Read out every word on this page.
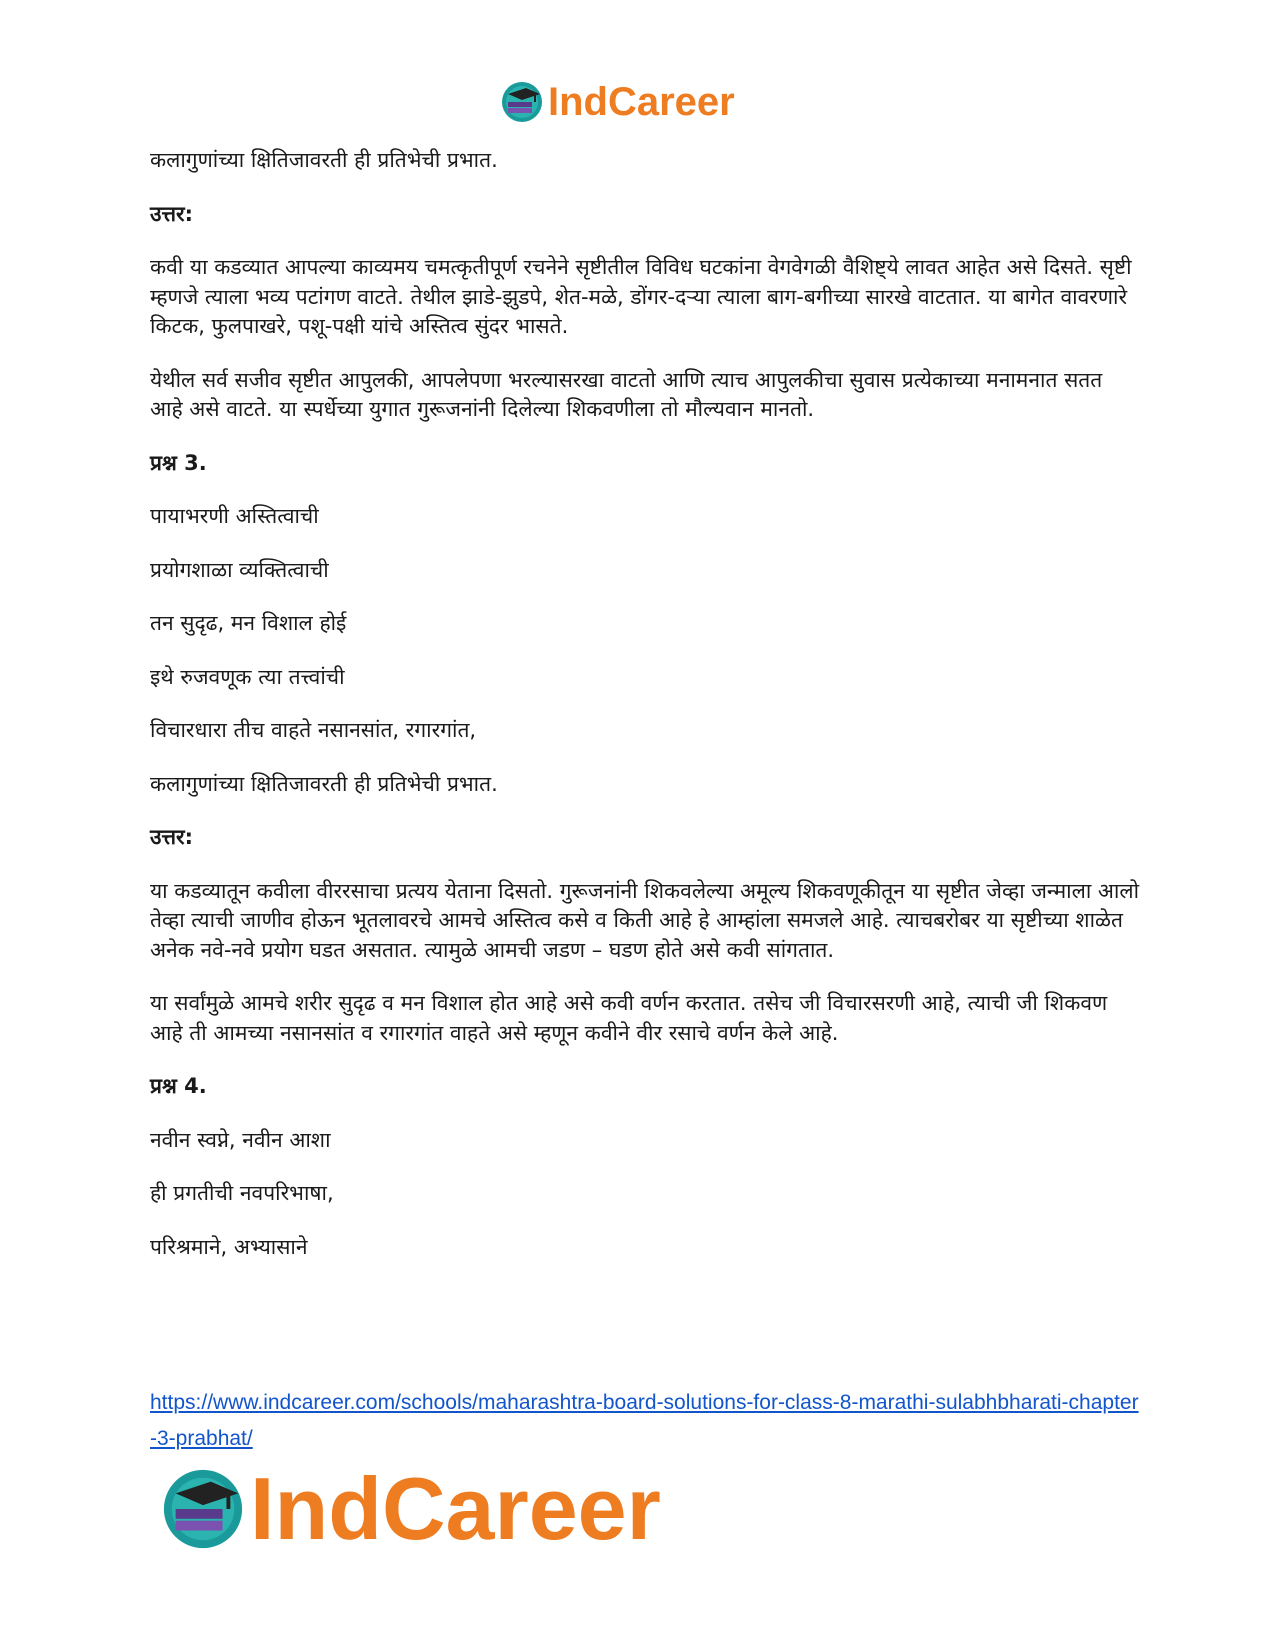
IndCareer

कलागुणांच्या क्षितिजावरती ही प्रतिभेची प्रभात.

उत्तर:

कवी या कडव्यात आपल्या काव्यमय चमत्कृतीपूर्ण रचनेने सृष्टीतील विविध घटकांना वेगवेगळी वैशिष्ट्ये लावत आहेत असे दिसते. सृष्टी म्हणजे त्याला भव्य पटांगण वाटते. तेथील झाडे-झुडपे, शेत-मळे, डोंगर-दऱ्या त्याला बाग-बगीच्या सारखे वाटतात. या बागेत वावरणारे किटक, फुलपाखरे, पशू-पक्षी यांचे अस्तित्व सुंदर भासते.

येथील सर्व सजीव सृष्टीत आपुलकी, आपलेपणा भरल्यासरखा वाटतो आणि त्याच आपुलकीचा सुवास प्रत्येकाच्या मनामनात सतत आहे असे वाटते. या स्पर्धेच्या युगात गुरूजनांनी दिलेल्या शिकवणीला तो मौल्यवान मानतो.

प्रश्न 3.

पायाभरणी अस्तित्वाची

प्रयोगशाळा व्यक्तित्वाची

तन सुदृढ, मन विशाल होई

इथे रुजवणूक त्या तत्त्वांची

विचारधारा तीच वाहते नसानसांत, रगारगांत,

कलागुणांच्या क्षितिजावरती ही प्रतिभेची प्रभात.

उत्तर:

या कडव्यातून कवीला वीररसाचा प्रत्यय येताना दिसतो. गुरूजनांनी शिकवलेल्या अमूल्य शिकवणूकीतून या सृष्टीत जेव्हा जन्माला आलो तेव्हा त्याची जाणीव होऊन भूतलावरचे आमचे अस्तित्व कसे व किती आहे हे आम्हांला समजले आहे. त्याचबरोबर या सृष्टीच्या शाळेत अनेक नवे-नवे प्रयोग घडत असतात. त्यामुळे आमची जडण – घडण होते असे कवी सांगतात.

या सर्वांमुळे आमचे शरीर सुदृढ व मन विशाल होत आहे असे कवी वर्णन करतात. तसेच जी विचारसरणी आहे, त्याची जी शिकवण आहे ती आमच्या नसानसांत व रगारगांत वाहते असे म्हणून कवीने वीर रसाचे वर्णन केले आहे.

प्रश्न 4.

नवीन स्वप्ने, नवीन आशा

ही प्रगतीची नवपरिभाषा,

परिश्रमाने, अभ्यासाने

https://www.indcareer.com/schools/maharashtra-board-solutions-for-class-8-marathi-sulabhbharati-chapter-3-prabhat/
IndCareer
